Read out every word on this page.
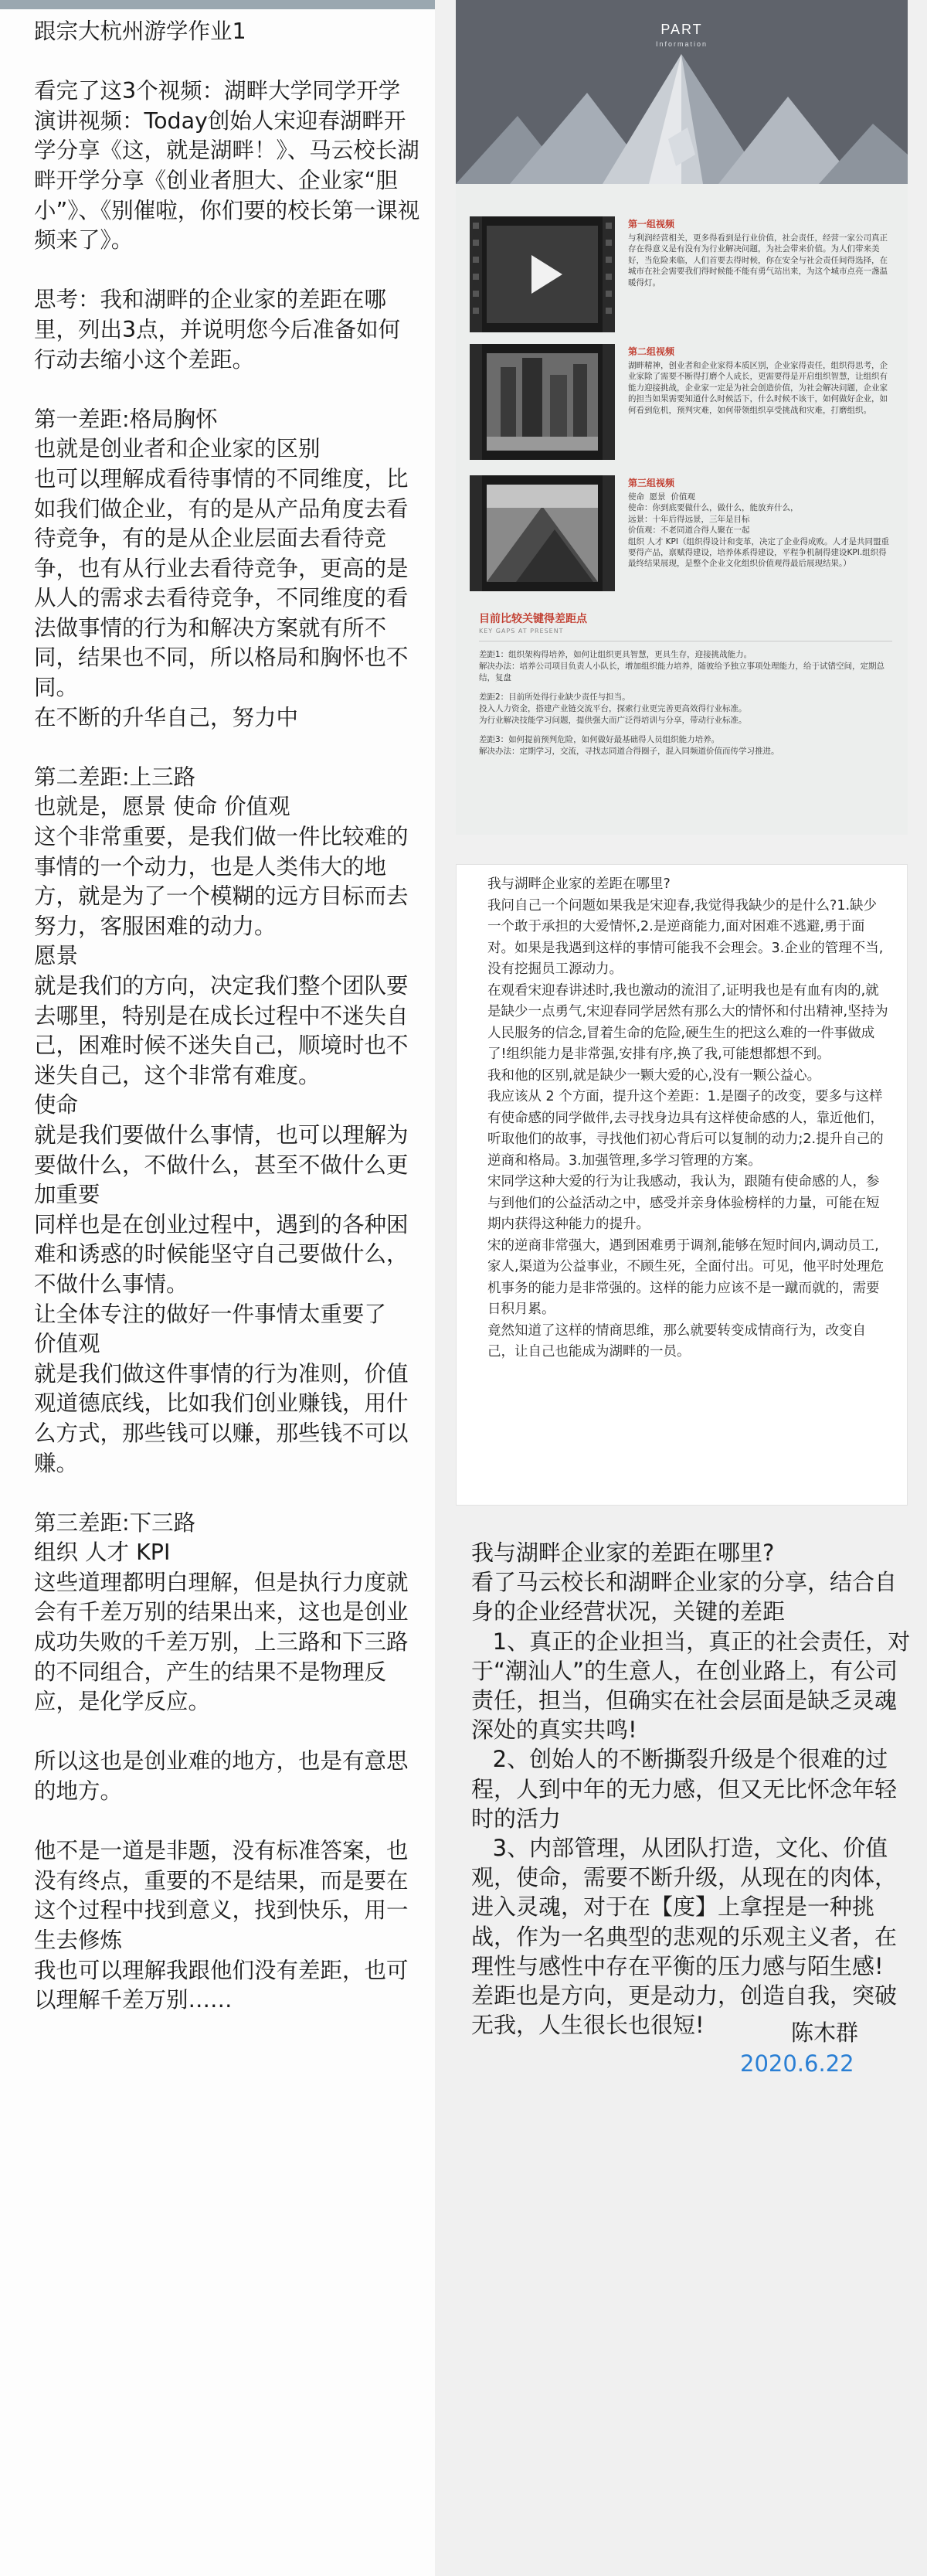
跟宗大杭州游学作业1

看完了这3个视频：湖畔大学同学开学演讲视频：Today创始人宋迎春湖畔开学分享《这，就是湖畔！》、马云校长湖畔开学分享《创业者胆大、企业家“胆小”》、《别催啦，你们要的校长第一课视频来了》。

思考：我和湖畔的企业家的差距在哪里，列出3点，并说明您今后准备如何行动去缩小这个差距。

第一差距:格局胸怀
也就是创业者和企业家的区别
也可以理解成看待事情的不同维度，比如我们做企业，有的是从产品角度去看待竞争，有的是从企业层面去看待竞争，也有从行业去看待竞争，更高的是从人的需求去看待竞争，不同维度的看法做事情的行为和解决方案就有所不同，结果也不同，所以格局和胸怀也不同。
在不断的升华自己，努力中

第二差距:上三路
也就是，愿景 使命 价值观
这个非常重要，是我们做一件比较难的事情的一个动力，也是人类伟大的地方，就是为了一个模糊的远方目标而去努力，客服困难的动力。
愿景
就是我们的方向，决定我们整个团队要去哪里，特别是在成长过程中不迷失自己，困难时候不迷失自己，顺境时也不迷失自己，这个非常有难度。
使命
就是我们要做什么事情，也可以理解为要做什么，不做什么，甚至不做什么更加重要
同样也是在创业过程中，遇到的各种困难和诱惑的时候能坚守自己要做什么，不做什么事情。
让全体专注的做好一件事情太重要了
价值观
就是我们做这件事情的行为准则，价值观道德底线，比如我们创业赚钱，用什么方式，那些钱可以赚，那些钱不可以赚。

第三差距:下三路
组织 人才 KPI
这些道理都明白理解，但是执行力度就会有千差万别的结果出来，这也是创业成功失败的千差万别，上三路和下三路的不同组合，产生的结果不是物理反应，是化学反应。

所以这也是创业难的地方，也是有意思的地方。

他不是一道是非题，没有标准答案，也没有终点，重要的不是结果，而是要在这个过程中找到意义，找到快乐，用一生去修炼
我也可以理解我跟他们没有差距，也可以理解千差万别……
PART
Information
第一组视频
与利润经营相关，更多得看到是行业价值，社会责任，经营一家公司真正存在得意义是有没有为行业解决问题，为社会带来价值。为人们带来美好，当危险来临，人们首要去得时候，你在安全与社会责任间得选择，在城市在社会需要我们得时候能不能有勇气站出来，为这个城市点亮一盏温暖得灯。
第二组视频
湖畔精神，创业者和企业家得本质区别，企业家得责任，组织得思考，企业家除了需要不断得打磨个人成长，更需要得是开启组织智慧，让组织有能力迎接挑战，企业家一定是为社会创造价值，为社会解决问题，企业家的担当如果需要知道什么时候活下，什么时候不该干，如何做好企业，如何看到危机，预判灾难，如何带领组织享受挑战和灾难，打磨组织。
第三组视频
使命  愿景  价值观
使命：你到底要做什么，做什么，能放弃什么，
远景：十年后得远景，三年是目标
价值观：不老同道合得人聚在一起
组织 人才 KPI（组织得设计和变革，决定了企业得成败。人才是共同盟重要得产品，禀赋得建设，培养体系得建设，平程争机制得建设KPI.组织得最终结果展现，是整个企业文化组织价值观得最后展现结果。）
目前比较关键得差距点
KEY GAPS AT PRESENT
差距1：组织架构得培养，如何让组织更具智慧，更具生存，迎接挑战能力。
解决办法：培养公司项目负责人小队长，增加组织能力培养，随彼给予独立事项处理能力，给于试错空间，定期总结，复盘
差距2：目前所处得行业缺少责任与担当。
投入人力资金，搭建产业链交流平台，探索行业更完善更高效得行业标准。
为行业解决技能学习问题，提供强大而广泛得培训与分享，带动行业标准。
差距3：如何提前预判危险，如何做好最基础得人员组织能力培养。
解决办法：定期学习，交流，寻找志同道合得圈子，混入同频道价值而传学习推进。
我与湖畔企业家的差距在哪里?
我问自己一个问题如果我是宋迎春,我觉得我缺少的是什么?1.缺少一个敢于承担的大爱情怀,2.是逆商能力,面对困难不逃避,勇于面对。如果是我遇到这样的事情可能我不会理会。3.企业的管理不当,没有挖掘员工源动力。
在观看宋迎春讲述时,我也激动的流泪了,证明我也是有血有肉的,就是缺少一点勇气,宋迎春同学居然有那么大的情怀和付出精神,坚持为人民服务的信念,冒着生命的危险,硬生生的把这么难的一件事做成了!组织能力是非常强,安排有序,换了我,可能想都想不到。
我和他的区别,就是缺少一颗大爱的心,没有一颗公益心。
我应该从 2 个方面，提升这个差距：1.是圈子的改变，要多与这样有使命感的同学做伴,去寻找身边具有这样使命感的人，靠近他们，听取他们的故事，寻找他们初心背后可以复制的动力;2.提升自己的逆商和格局。3.加强管理,多学习管理的方案。
宋同学这种大爱的行为让我感动，我认为，跟随有使命感的人，参与到他们的公益活动之中，感受并亲身体验榜样的力量，可能在短期内获得这种能力的提升。
宋的逆商非常强大，遇到困难勇于调剂,能够在短时间内,调动员工,家人,渠道为公益事业，不顾生死，全面付出。可见，他平时处理危机事务的能力是非常强的。这样的能力应该不是一蹴而就的，需要日积月累。
竟然知道了这样的情商思维，那么就要转变成情商行为，改变自己，让自己也能成为湖畔的一员。
我与湖畔企业家的差距在哪里?
看了马云校长和湖畔企业家的分享，结合自身的企业经营状况，关键的差距
1、真正的企业担当，真正的社会责任，对于“潮汕人”的生意人，在创业路上，有公司责任，担当，但确实在社会层面是缺乏灵魂深处的真实共鸣!
2、创始人的不断撕裂升级是个很难的过程，人到中年的无力感，但又无比怀念年轻时的活力
3、内部管理，从团队打造，文化、价值观，使命，需要不断升级，从现在的肉体，进入灵魂，对于在【度】上拿捏是一种挑战，作为一名典型的悲观的乐观主义者，在理性与感性中存在平衡的压力感与陌生感!
差距也是方向，更是动力，创造自我，突破无我，人生很长也很短!	陈木群
2020.6.22
